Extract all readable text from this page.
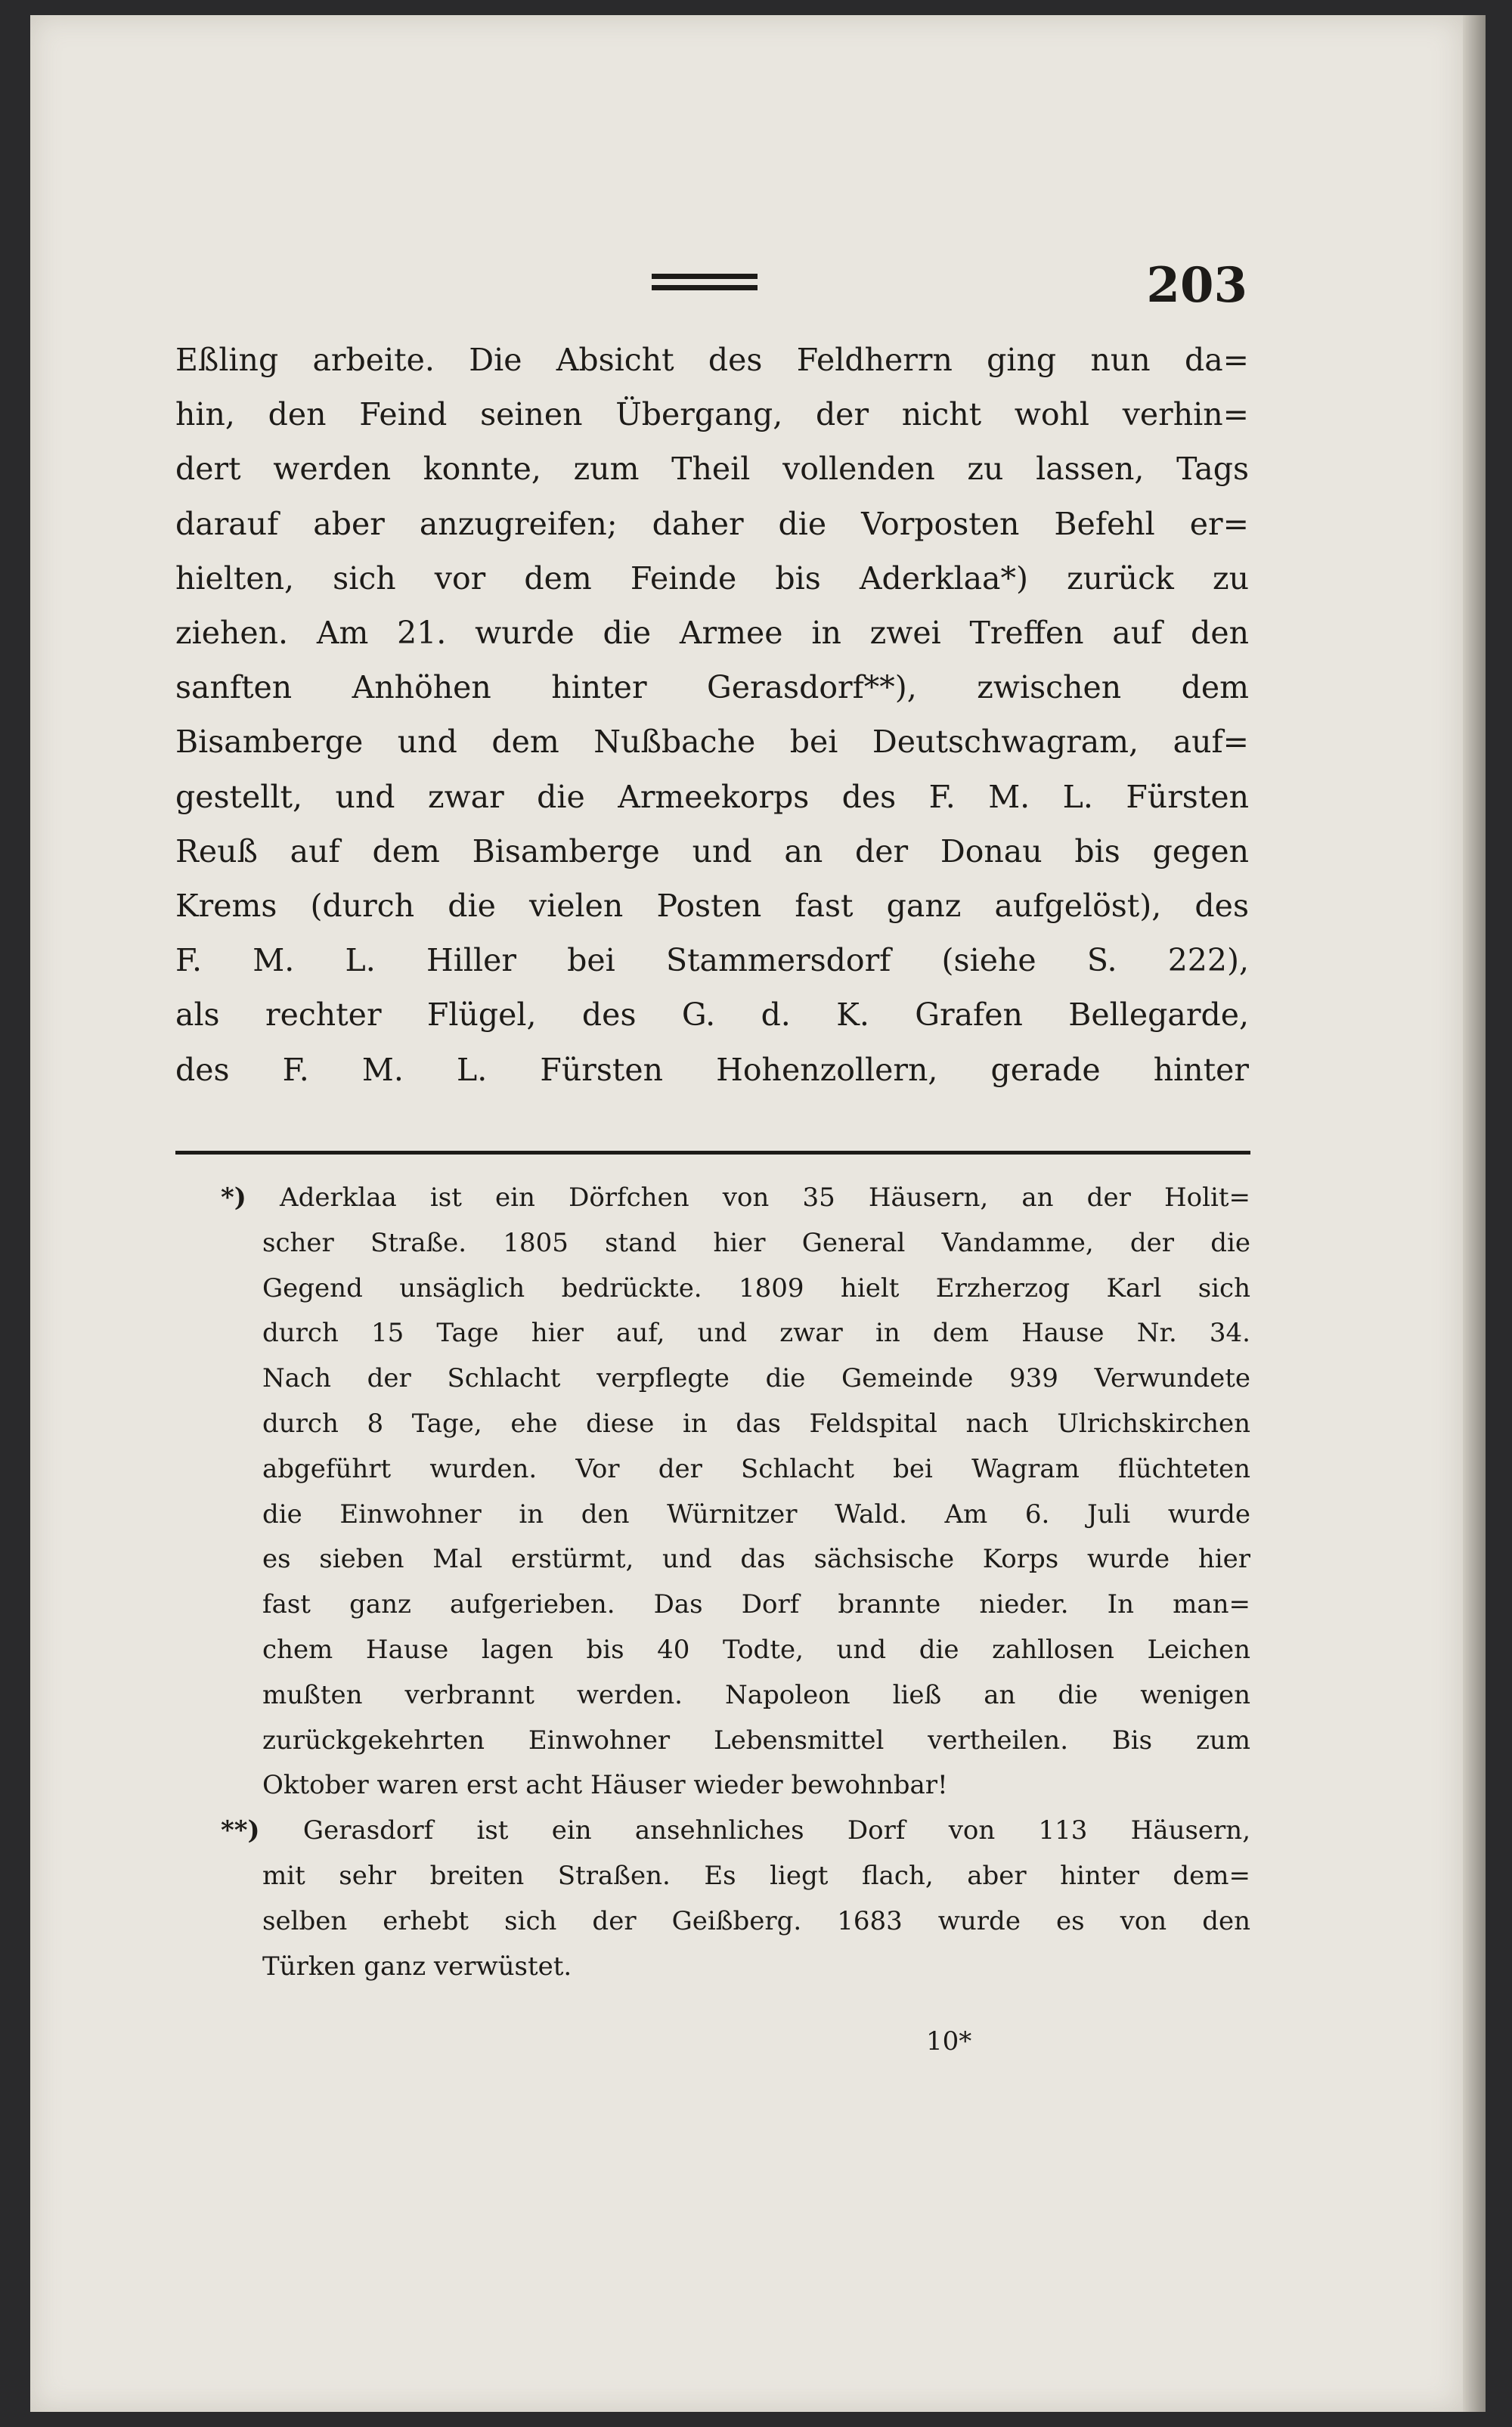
203
Eßling arbeite. Die Absicht des Feldherrn ging nun da=
hin, den Feind seinen Übergang, der nicht wohl verhin=
dert werden konnte, zum Theil vollenden zu lassen, Tags
darauf aber anzugreifen; daher die Vorposten Befehl er=
hielten, sich vor dem Feinde bis Aderklaa*) zurück zu
ziehen. Am 21. wurde die Armee in zwei Treffen auf den
sanften Anhöhen hinter Gerasdorf**), zwischen dem
Bisamberge und dem Nußbache bei Deutschwagram, auf=
gestellt, und zwar die Armeekorps des F. M. L. Fürsten
Reuß auf dem Bisamberge und an der Donau bis gegen
Krems (durch die vielen Posten fast ganz aufgelöst), des
F. M. L. Hiller bei Stammersdorf (siehe S. 222),
als rechter Flügel, des G. d. K. Grafen Bellegarde,
des F. M. L. Fürsten Hohenzollern, gerade hinter
*) Aderklaa ist ein Dörfchen von 35 Häusern, an der Holit=
scher Straße. 1805 stand hier General Vandamme, der die
Gegend unsäglich bedrückte. 1809 hielt Erzherzog Karl sich
durch 15 Tage hier auf, und zwar in dem Hause Nr. 34.
Nach der Schlacht verpflegte die Gemeinde 939 Verwundete
durch 8 Tage, ehe diese in das Feldspital nach Ulrichskirchen
abgeführt wurden. Vor der Schlacht bei Wagram flüchteten
die Einwohner in den Würnitzer Wald. Am 6. Juli wurde
es sieben Mal erstürmt, und das sächsische Korps wurde hier
fast ganz aufgerieben. Das Dorf brannte nieder. In man=
chem Hause lagen bis 40 Todte, und die zahllosen Leichen
mußten verbrannt werden. Napoleon ließ an die wenigen
zurückgekehrten Einwohner Lebensmittel vertheilen. Bis zum
Oktober waren erst acht Häuser wieder bewohnbar!
**) Gerasdorf ist ein ansehnliches Dorf von 113 Häusern,
mit sehr breiten Straßen. Es liegt flach, aber hinter dem=
selben erhebt sich der Geißberg. 1683 wurde es von den
Türken ganz verwüstet.
10*
